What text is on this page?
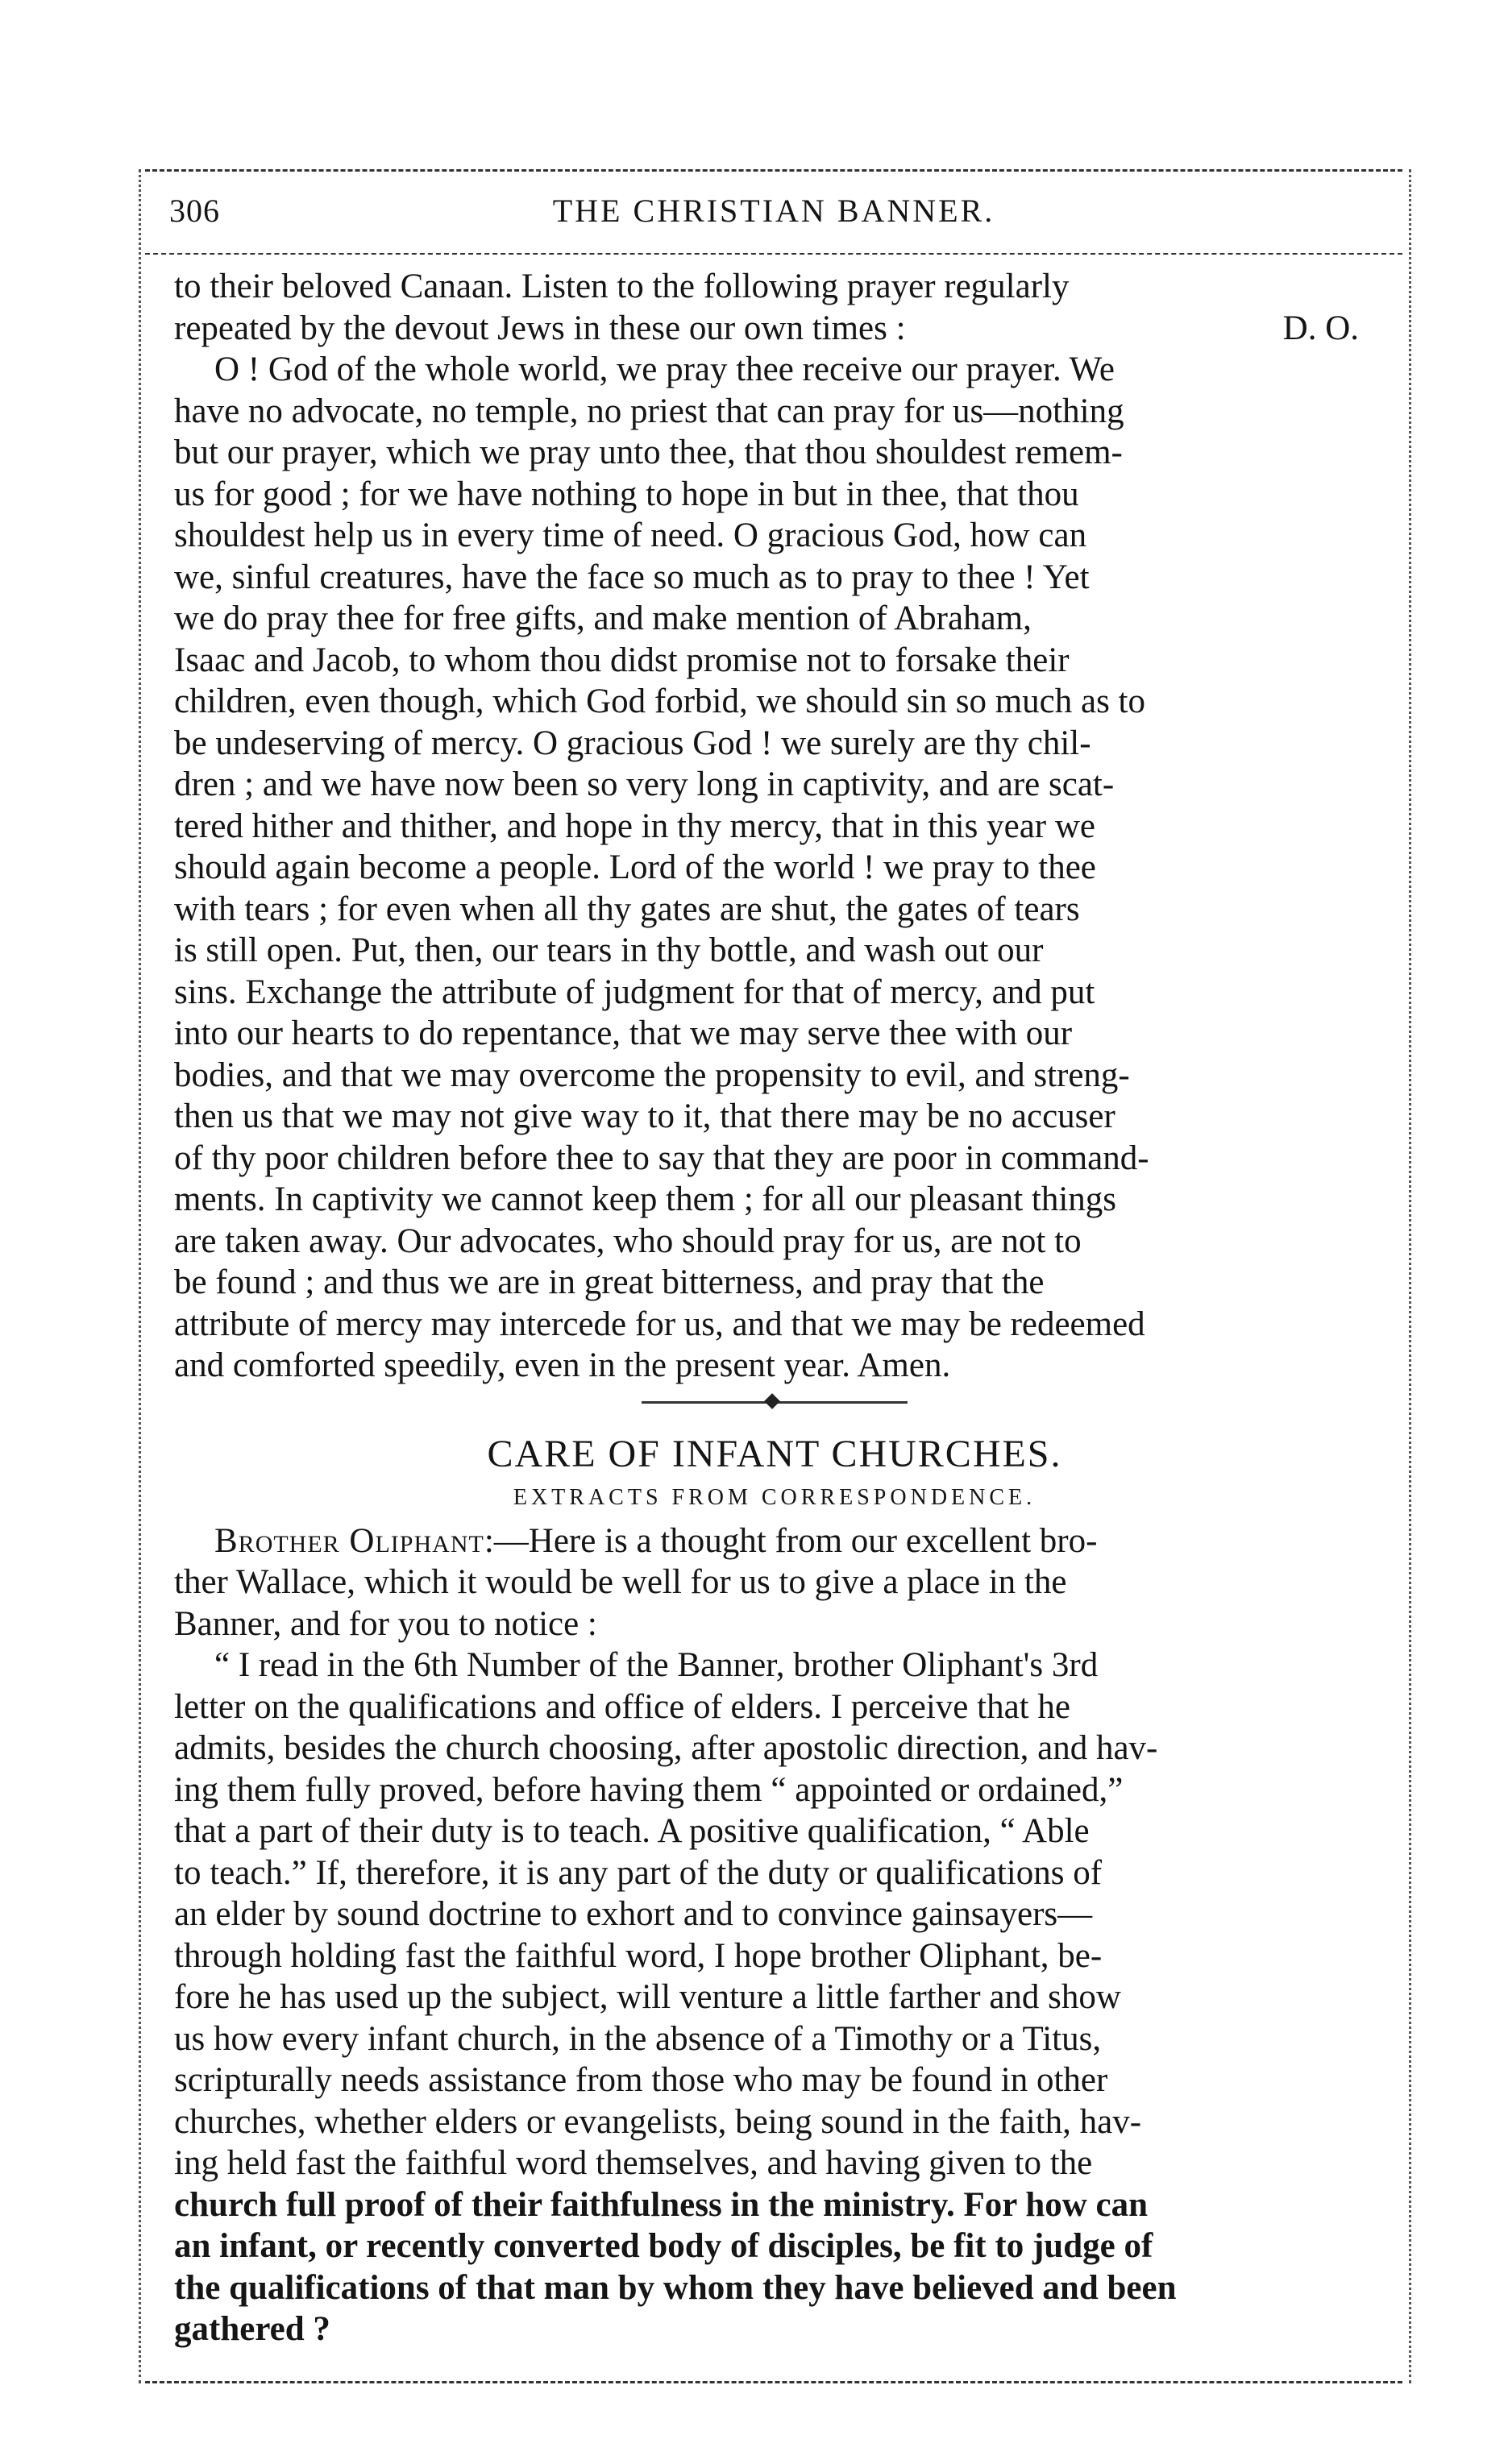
306	THE CHRISTIAN BANNER.

to their beloved Canaan. Listen to the following prayer regularly

repeated by the devout Jews in these our own times :	D. O.

O ! God of the whole world, we pray thee receive our prayer. We

have no advocate, no temple, no priest that can pray for us—nothing

but our prayer, which we pray unto thee, that thou shouldest remem-

us for good ; for we have nothing to hope in but in thee, that thou

shouldest help us in every time of need. O gracious God, how can

we, sinful creatures, have the face so much as to pray to thee ! Yet

we do pray thee for free gifts, and make mention of Abraham,

Isaac and Jacob, to whom thou didst promise not to forsake their

children, even though, which God forbid, we should sin so much as to

be undeserving of mercy. O gracious God ! we surely are thy chil-

dren ; and we have now been so very long in captivity, and are scat-

tered hither and thither, and hope in thy mercy, that in this year we

should again become a people. Lord of the world ! we pray to thee

with tears ; for even when all thy gates are shut, the gates of tears

is still open. Put, then, our tears in thy bottle, and wash out our

sins. Exchange the attribute of judgment for that of mercy, and put

into our hearts to do repentance, that we may serve thee with our

bodies, and that we may overcome the propensity to evil, and streng-

then us that we may not give way to it, that there may be no accuser

of thy poor children before thee to say that they are poor in command-

ments. In captivity we cannot keep them ; for all our pleasant things

are taken away. Our advocates, who should pray for us, are not to

be found ; and thus we are in great bitterness, and pray that the

attribute of mercy may intercede for us, and that we may be redeemed

and comforted speedily, even in the present year. Amen.

CARE OF INFANT CHURCHES.
EXTRACTS FROM CORRESPONDENCE.

Brother Oliphant:—Here is a thought from our excellent bro-

ther Wallace, which it would be well for us to give a place in the

Banner, and for you to notice :

“ I read in the 6th Number of the Banner, brother Oliphant's 3rd

letter on the qualifications and office of elders. I perceive that he

admits, besides the church choosing, after apostolic direction, and hav-

ing them fully proved, before having them “ appointed or ordained,”

that a part of their duty is to teach. A positive qualification, “ Able

to teach.” If, therefore, it is any part of the duty or qualifications of

an elder by sound doctrine to exhort and to convince gainsayers—

through holding fast the faithful word, I hope brother Oliphant, be-

fore he has used up the subject, will venture a little farther and show

us how every infant church, in the absence of a Timothy or a Titus,

scripturally needs assistance from those who may be found in other

churches, whether elders or evangelists, being sound in the faith, hav-

ing held fast the faithful word themselves, and having given to the

church full proof of their faithfulness in the ministry. For how can

an infant, or recently converted body of disciples, be fit to judge of

the qualifications of that man by whom they have believed and been

gathered ?
